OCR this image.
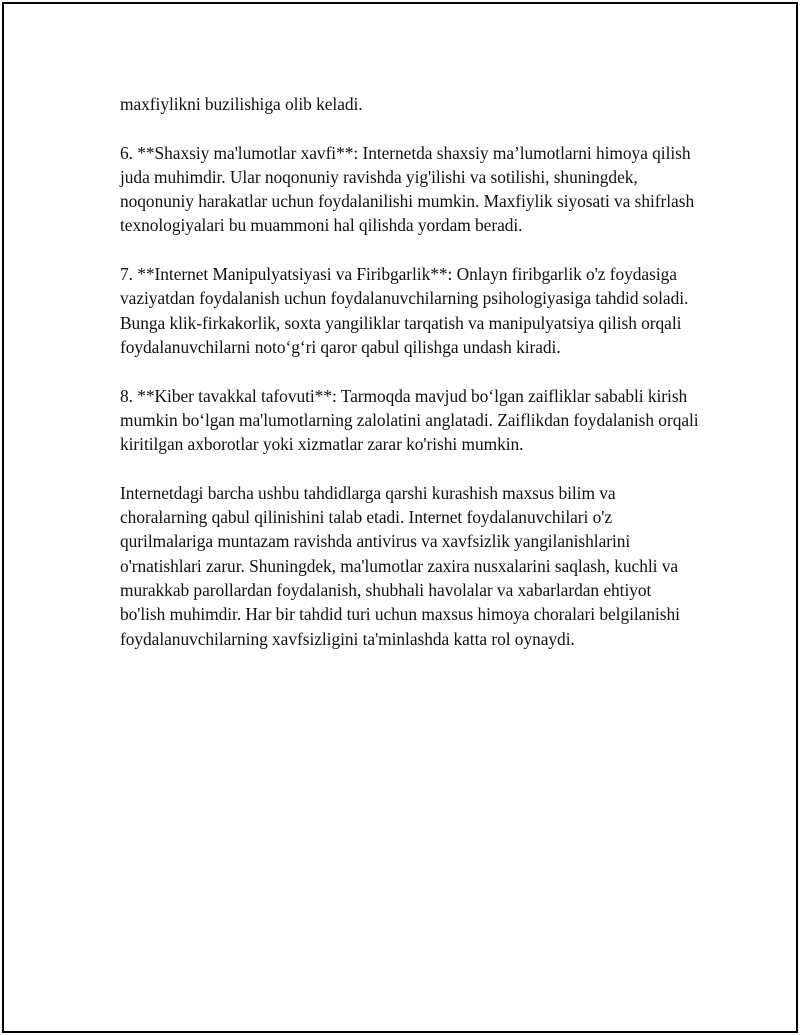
maxfiylikni buzilishiga olib keladi.

6. **Shaxsiy ma'lumotlar xavfi**: Internetda shaxsiy ma’lumotlarni himoya qilish juda muhimdir. Ular noqonuniy ravishda yig'ilishi va sotilishi, shuningdek, noqonuniy harakatlar uchun foydalanilishi mumkin. Maxfiylik siyosati va shifrlash texnologiyalari bu muammoni hal qilishda yordam beradi.

7. **Internet Manipulyatsiyasi va Firibgarlik**: Onlayn firibgarlik o'z foydasiga vaziyatdan foydalanish uchun foydalanuvchilarning psihologiyasiga tahdid soladi. Bunga klik-firkakorlik, soxta yangiliklar tarqatish va manipulyatsiya qilish orqali foydalanuvchilarni noto‘g‘ri qaror qabul qilishga undash kiradi.

8. **Kiber tavakkal tafovuti**: Tarmoqda mavjud bo‘lgan zaifliklar sababli kirish mumkin bo‘lgan ma'lumotlarning zalolatini anglatadi. Zaiflikdan foydalanish orqali kiritilgan axborotlar yoki xizmatlar zarar ko'rishi mumkin.

Internetdagi barcha ushbu tahdidlarga qarshi kurashish maxsus bilim va choralarning qabul qilinishini talab etadi. Internet foydalanuvchilari o'z qurilmalariga muntazam ravishda antivirus va xavfsizlik yangilanishlarini o'rnatishlari zarur. Shuningdek, ma'lumotlar zaxira nusxalarini saqlash, kuchli va murakkab parollardan foydalanish, shubhali havolalar va xabarlardan ehtiyot bo'lish muhimdir. Har bir tahdid turi uchun maxsus himoya choralari belgilanishi foydalanuvchilarning xavfsizligini ta'minlashda katta rol oynaydi.
